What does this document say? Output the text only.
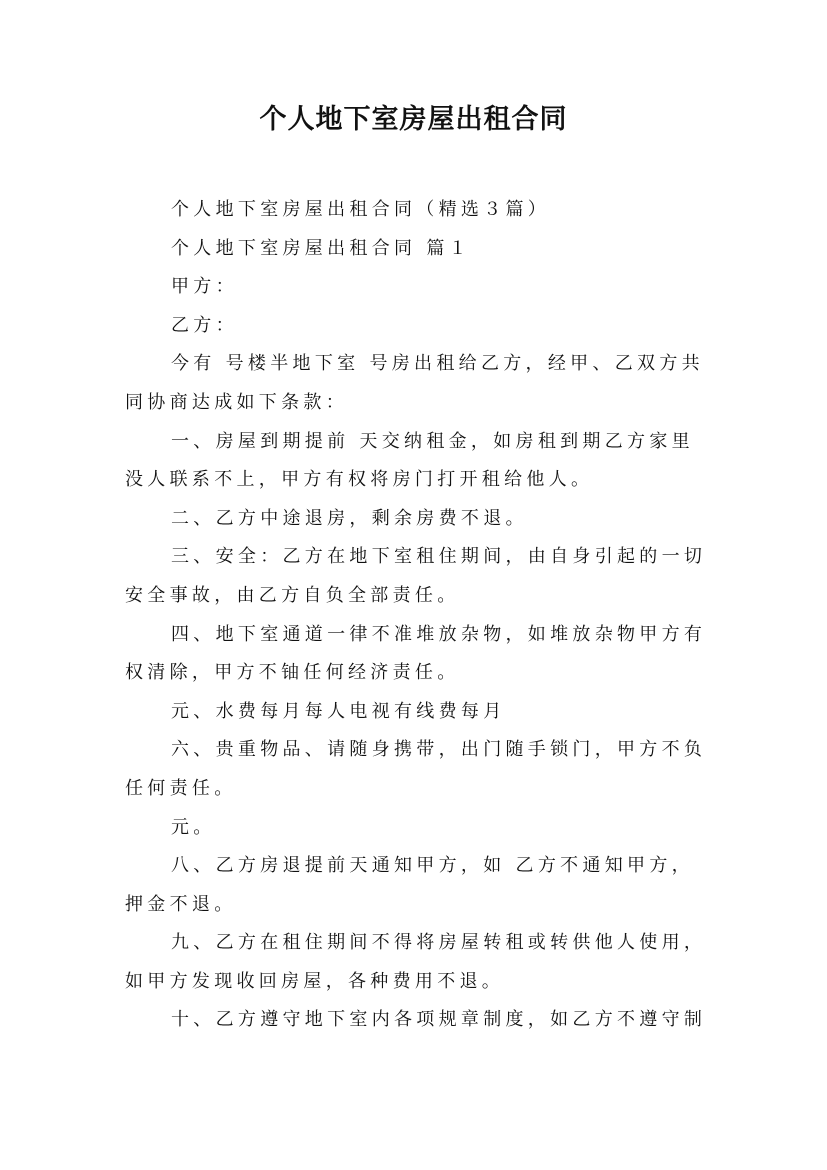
个人地下室房屋出租合同
个人地下室房屋出租合同（精选３篇）
个人地下室房屋出租合同 篇１
甲方：
乙方：
今有 号楼半地下室 号房出租给乙方，经甲、乙双方共
同协商达成如下条款：
一、房屋到期提前 天交纳租金，如房租到期乙方家里
没人联系不上，甲方有权将房门打开租给他人。
二、乙方中途退房，剩余房费不退。
三、安全：乙方在地下室租住期间，由自身引起的一切
安全事故，由乙方自负全部责任。
四、地下室通道一律不准堆放杂物，如堆放杂物甲方有
权清除，甲方不铀任何经济责任。
元、水费每月每人电视有线费每月
六、贵重物品、请随身携带，出门随手锁门，甲方不负
任何责任。
元。
八、乙方房退提前天通知甲方，如 乙方不通知甲方，
押金不退。
九、乙方在租住期间不得将房屋转租或转供他人使用，
如甲方发现收回房屋，各种费用不退。
十、乙方遵守地下室内各项规章制度，如乙方不遵守制
